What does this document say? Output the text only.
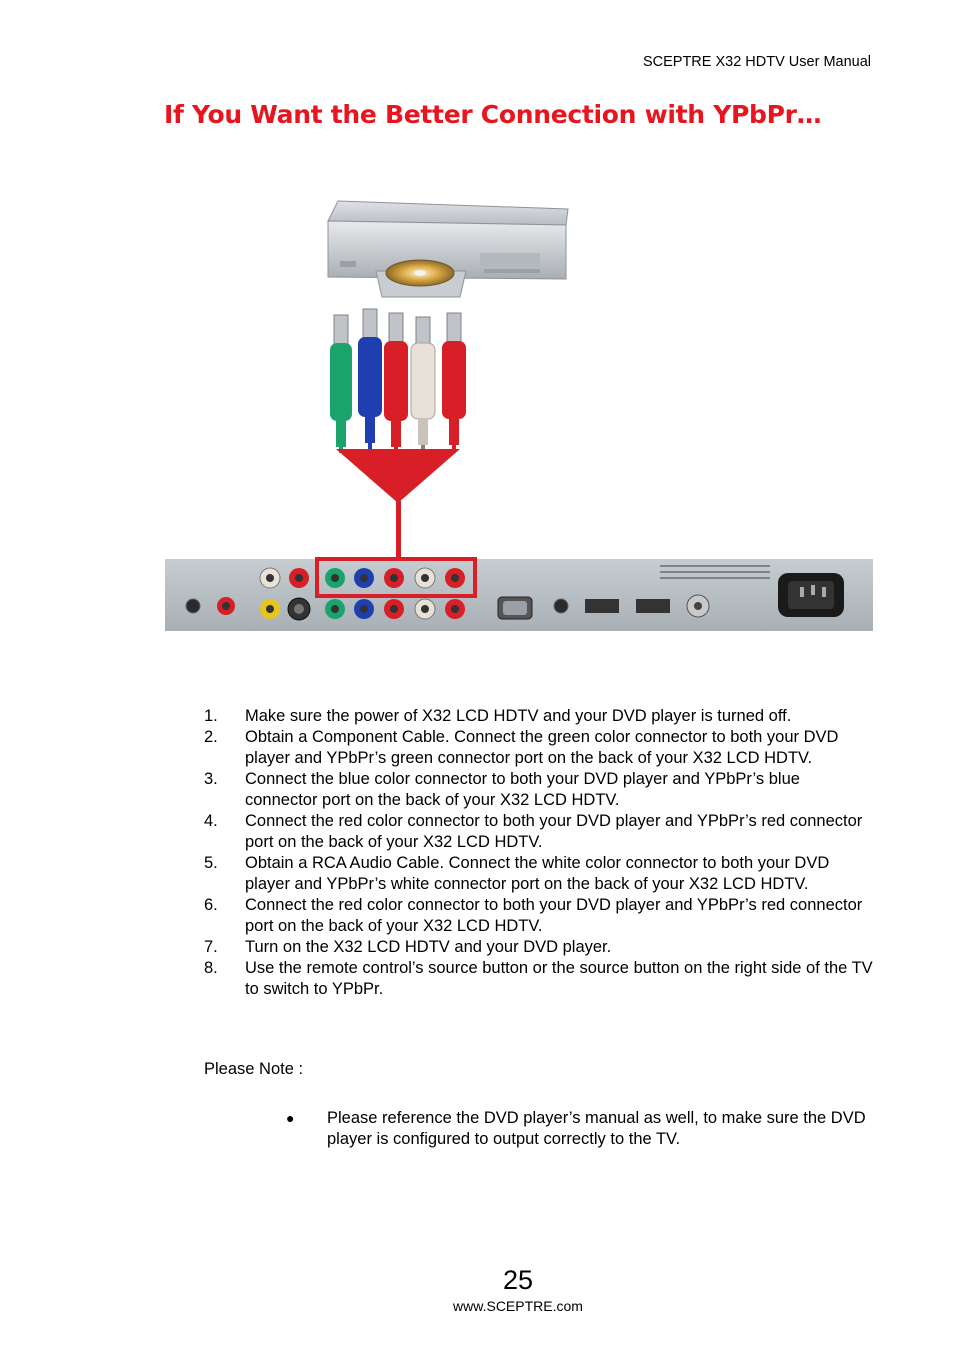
SCEPTRE X32 HDTV User Manual
If You Want the Better Connection with YPbPr…
1.	Make sure the power of X32 LCD HDTV and your DVD player is turned off.
2.	Obtain a Component Cable. Connect the green color connector to both your DVD player and YPbPr’s green connector port on the back of your X32 LCD HDTV.
3.	Connect the blue color connector to both your DVD player and YPbPr’s blue connector port on the back of your X32 LCD HDTV.
4.	Connect the red color connector to both your DVD player and YPbPr’s red connector port on the back of your X32 LCD HDTV.
5.	Obtain a RCA Audio Cable. Connect the white color connector to both your DVD player and YPbPr’s white connector port on the back of your X32 LCD HDTV.
6.	Connect the red color connector to both your DVD player and YPbPr’s red connector port on the back of your X32 LCD HDTV.
7.	Turn on the X32 LCD HDTV and your DVD player.
8.	Use the remote control’s source button or the source button on the right side of the TV to switch to YPbPr.
Please Note :
●	Please reference the DVD player’s manual as well, to make sure the DVD player is configured to output correctly to the TV.
25
www.SCEPTRE.com
